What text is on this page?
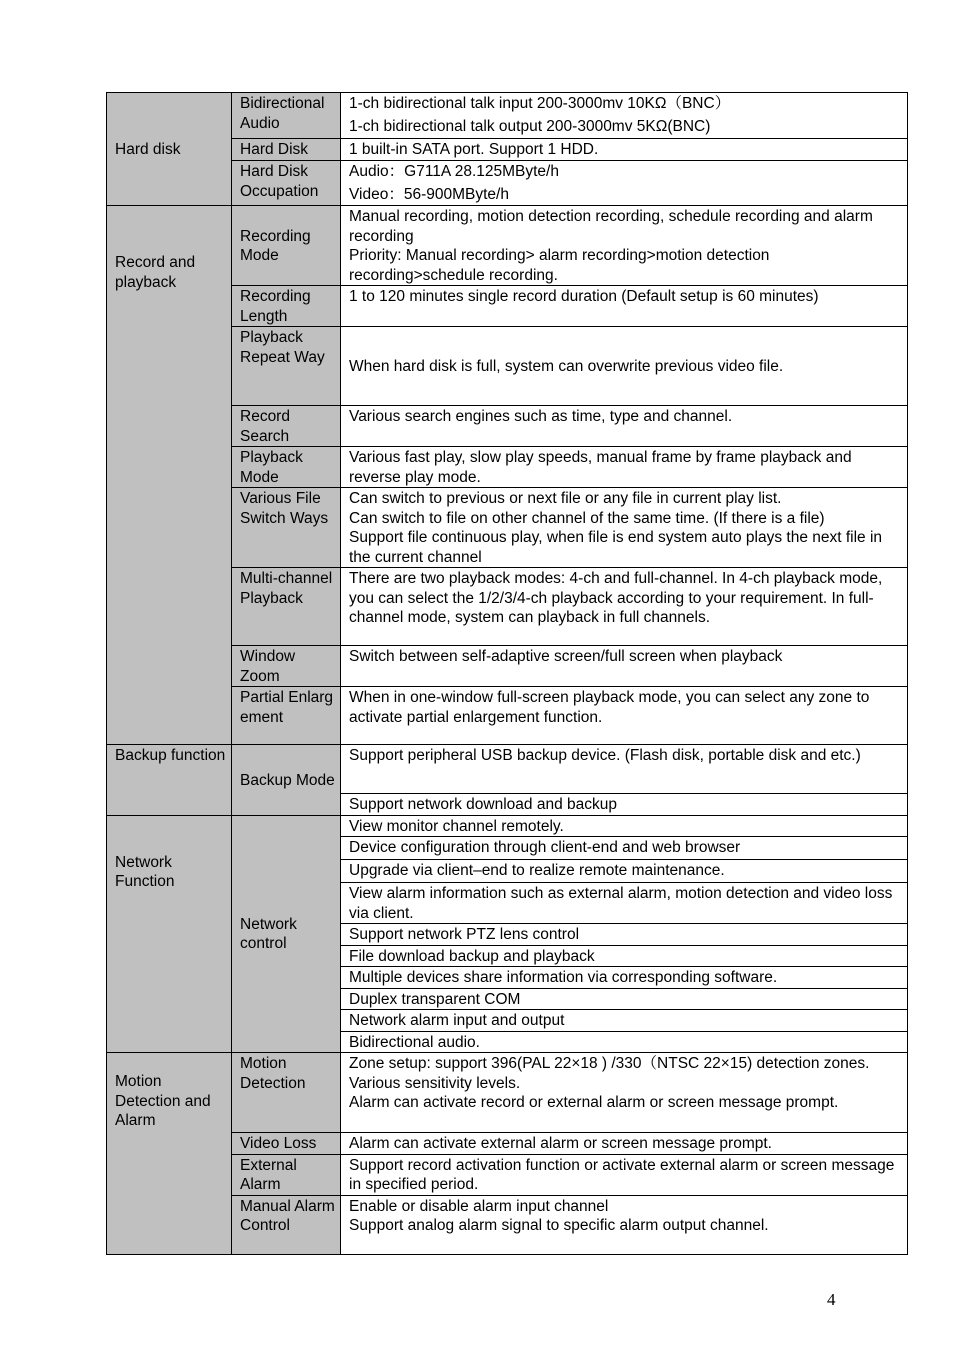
Hard disk	Bidirectional Audio	1-ch bidirectional talk input 200-3000mv 10KΩ（BNC）
1-ch bidirectional talk output 200-3000mv 5KΩ(BNC)

	Hard Disk	1 built-in SATA port. Support 1 HDD.

	Hard Disk Occupation	Audio：G711A 28.125MByte/h
Video：56-900MByte/h

Record and playback	Recording Mode	Manual recording, motion detection recording, schedule recording and alarm recording
Priority: Manual recording> alarm recording>motion detection recording>schedule recording.

	Recording Length	1 to 120 minutes single record duration (Default setup is 60 minutes)

	Playback Repeat Way	When hard disk is full, system can overwrite previous video file.

	Record Search	Various search engines such as time, type and channel.

	Playback Mode	Various fast play, slow play speeds, manual frame by frame playback and reverse play mode.

	Various File Switch Ways	Can switch to previous or next file or any file in current play list.
Can switch to file on other channel of the same time. (If there is a file)
Support file continuous play, when file is end system auto plays the next file in the current channel

	Multi-channel Playback	There are two playback modes: 4-ch and full-channel. In 4-ch playback mode, you can select the 1/2/3/4-ch playback according to your requirement. In full-channel mode, system can playback in full channels.

	Window Zoom	Switch between self-adaptive screen/full screen when playback

	Partial Enlargement	When in one-window full-screen playback mode, you can select any zone to activate partial enlargement function.

Backup function	Backup Mode	Support peripheral USB backup device. (Flash disk, portable disk and etc.)

		Support network download and backup

Network Function	Network control	View monitor channel remotely.

		Device configuration through client-end and web browser

		Upgrade via client–end to realize remote maintenance.

		View alarm information such as external alarm, motion detection and video loss via client.

		Support network PTZ lens control

		File download backup and playback

		Multiple devices share information via corresponding software.

		Duplex transparent COM

		Network alarm input and output

		Bidirectional audio.

Motion Detection and Alarm	Motion Detection	Zone setup: support 396(PAL 22×18 ) /330（NTSC 22×15) detection zones.
Various sensitivity levels.
Alarm can activate record or external alarm or screen message prompt.

	Video Loss	Alarm can activate external alarm or screen message prompt.

	External Alarm	Support record activation function or activate external alarm or screen message in specified period.

	Manual Alarm Control	Enable or disable alarm input channel
Support analog alarm signal to specific alarm output channel.
4
